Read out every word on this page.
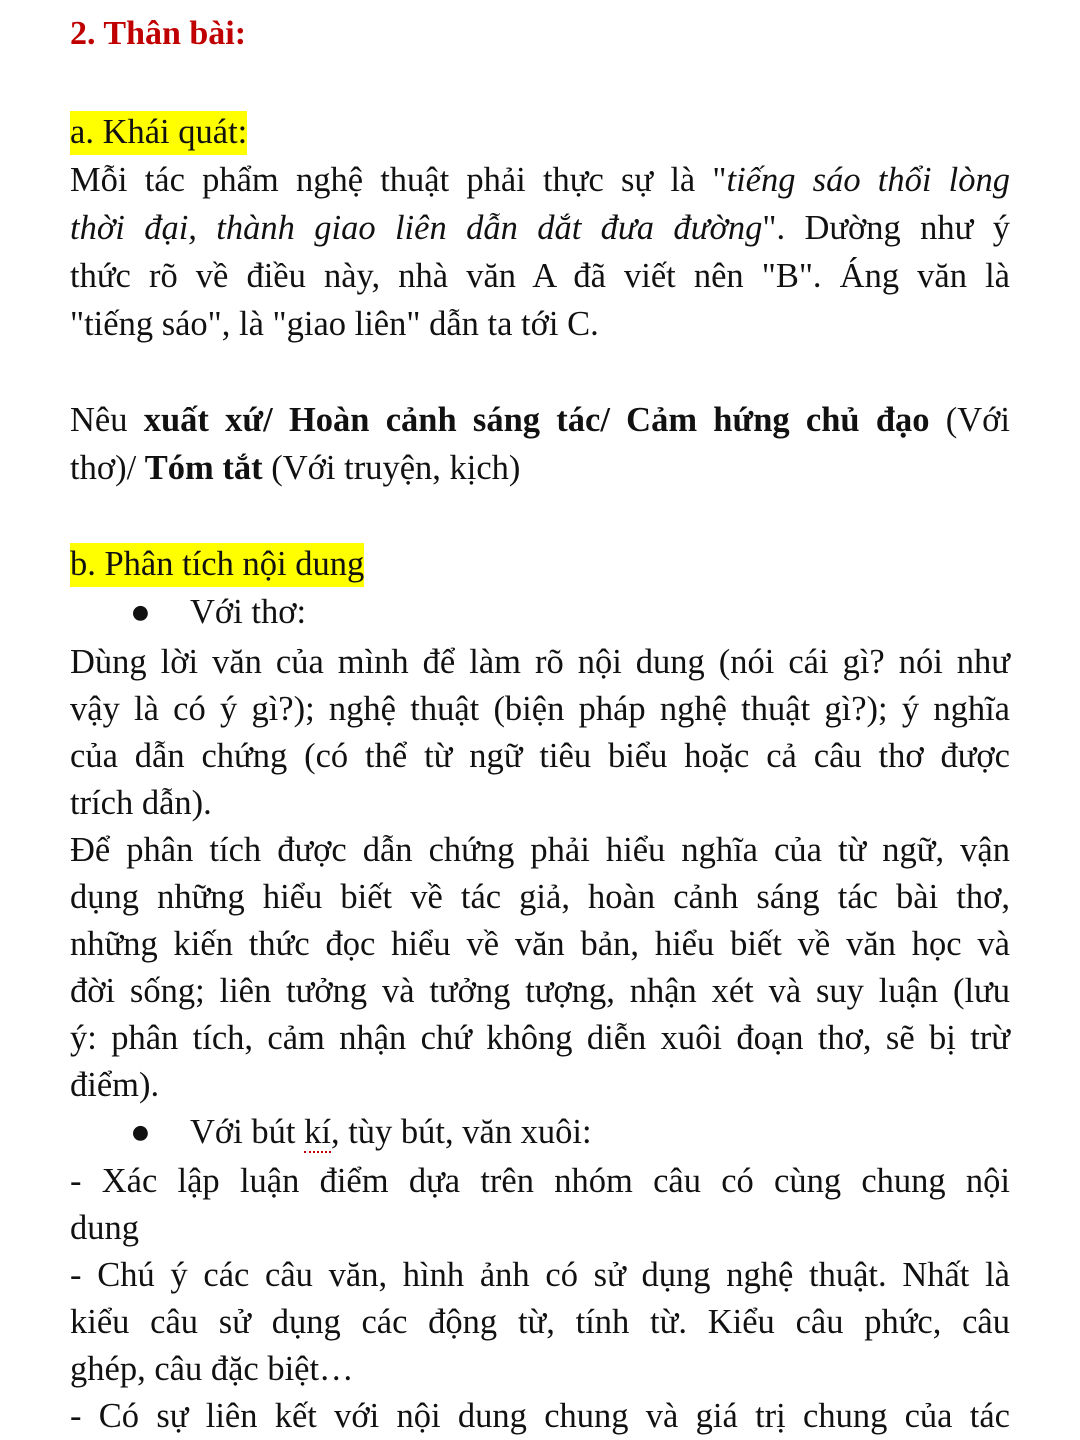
2. Thân bài:
a. Khái quát:
Mỗi tác phẩm nghệ thuật phải thực sự là "tiếng sáo thổi lòng
thời đại, thành giao liên dẫn dắt đưa đường". Dường như ý
thức rõ về điều này, nhà văn A đã viết nên "B". Áng văn là
"tiếng sáo", là "giao liên" dẫn ta tới C.
Nêu xuất xứ/ Hoàn cảnh sáng tác/ Cảm hứng chủ đạo (Với
thơ)/ Tóm tắt (Với truyện, kịch)
b. Phân tích nội dung
● Với thơ:
Dùng lời văn của mình để làm rõ nội dung (nói cái gì? nói như
vậy là có ý gì?); nghệ thuật (biện pháp nghệ thuật gì?); ý nghĩa
của dẫn chứng (có thể từ ngữ tiêu biểu hoặc cả câu thơ được
trích dẫn).
Để phân tích được dẫn chứng phải hiểu nghĩa của từ ngữ, vận
dụng những hiểu biết về tác giả, hoàn cảnh sáng tác bài thơ,
những kiến thức đọc hiểu về văn bản, hiểu biết về văn học và
đời sống; liên tưởng và tưởng tượng, nhận xét và suy luận (lưu
ý: phân tích, cảm nhận chứ không diễn xuôi đoạn thơ, sẽ bị trừ
điểm).
● Với bút kí, tùy bút, văn xuôi:
- Xác lập luận điểm dựa trên nhóm câu có cùng chung nội
dung
- Chú ý các câu văn, hình ảnh có sử dụng nghệ thuật. Nhất là
kiểu câu sử dụng các động từ, tính từ. Kiểu câu phức, câu
ghép, câu đặc biệt…
- Có sự liên kết với nội dung chung và giá trị chung của tác
